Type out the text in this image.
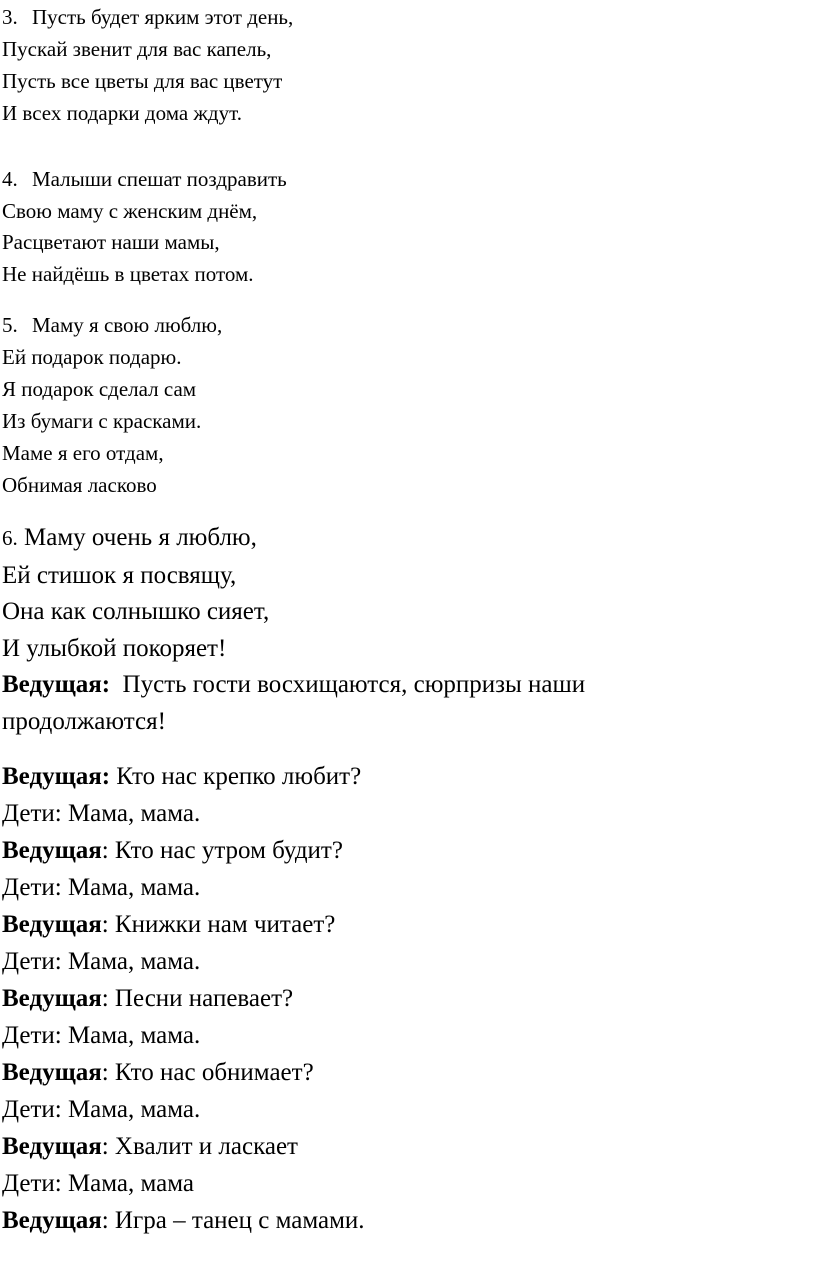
3. Пусть будет ярким этот день,
Пускай звенит для вас капель,
Пусть все цветы для вас цветут
И всех подарки дома ждут.
4. Малыши спешат поздравить
Свою маму с женским днём,
Расцветают наши мамы,
Не найдёшь в цветах потом.
5. Маму я свою люблю,
Ей подарок подарю.
Я подарок сделал сам
Из бумаги с красками.
Маме я его отдам,
Обнимая ласково
6. Маму очень я люблю,
Ей стишок я посвящу,
Она как солнышко сияет,
И улыбкой покоряет!
Ведущая: Пусть гости восхищаются, сюрпризы наши
продолжаются!
Ведущая: Кто нас крепко любит?
Дети: Мама, мама.
Ведущая: Кто нас утром будит?
Дети: Мама, мама.
Ведущая: Книжки нам читает?
Дети: Мама, мама.
Ведущая: Песни напевает?
Дети: Мама, мама.
Ведущая: Кто нас обнимает?
Дети: Мама, мама.
Ведущая: Хвалит и ласкает
Дети: Мама, мама
Ведущая: Игра – танец с мамами.
